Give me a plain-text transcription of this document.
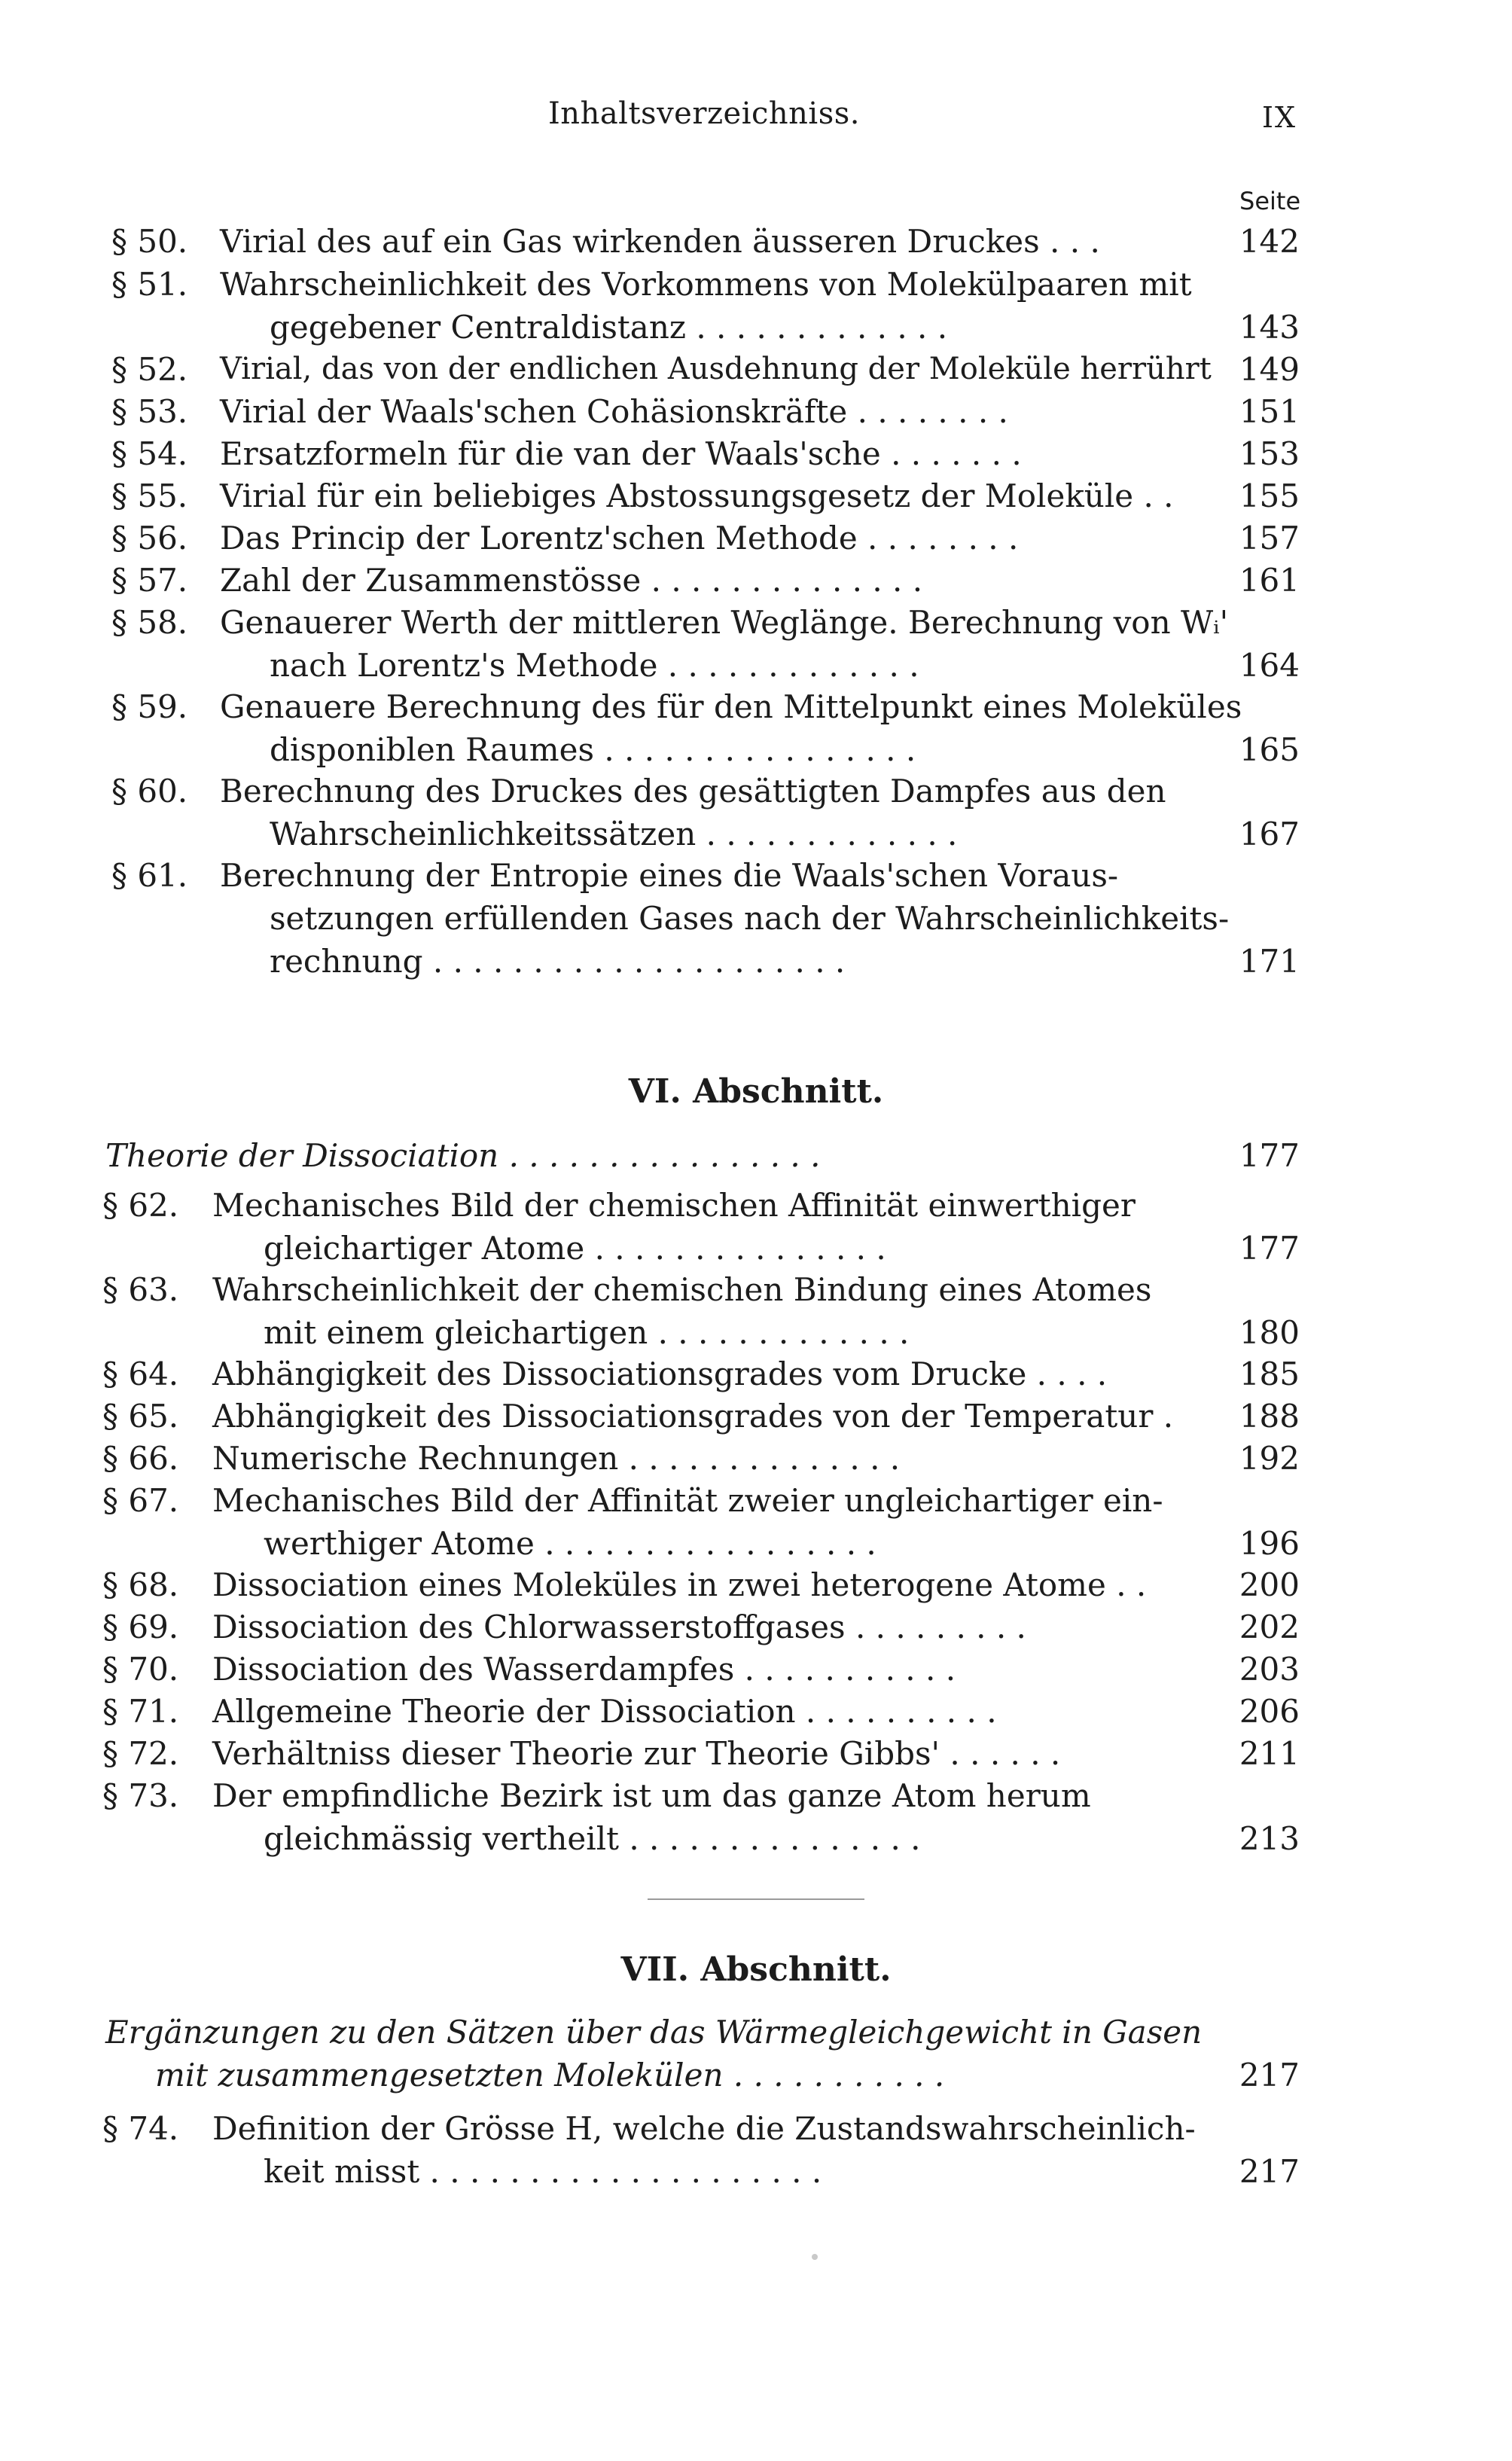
Inhaltsverzeichniss.	IX
Seite
§ 50. Virial des auf ein Gas wirkenden äusseren Druckes . . .	142
§ 51. Wahrscheinlichkeit des Vorkommens von Molekülpaaren mit
gegebener Centraldistanz . . . . . . . . . . . . .	143
§ 52. Virial, das von der endlichen Ausdehnung der Moleküle herrührt 149
§ 53. Virial der Waals'schen Cohäsionskräfte . . . . . . . .	151
§ 54. Ersatzformeln für die van der Waals'sche . . . . . . .	153
§ 55. Virial für ein beliebiges Abstossungsgesetz der Moleküle . . 155
§ 56. Das Princip der Lorentz'schen Methode . . . . . . . .	157
§ 57. Zahl der Zusammenstösse . . . . . . . . . . . . . .	161
§ 58. Genauerer Werth der mittleren Weglänge. Berechnung von Wᵢ'
nach Lorentz's Methode . . . . . . . . . . . . .	164
§ 59. Genauere Berechnung des für den Mittelpunkt eines Moleküles
disponiblen Raumes . . . . . . . . . . . . . . . .	165
§ 60. Berechnung des Druckes des gesättigten Dampfes aus den
Wahrscheinlichkeitssätzen . . . . . . . . . . . . .	167
§ 61. Berechnung der Entropie eines die Waals'schen Voraus-
setzungen erfüllenden Gases nach der Wahrscheinlichkeits-
rechnung . . . . . . . . . . . . . . . . . . . . .	171
VI. Abschnitt.
Theorie der Dissociation . . . . . . . . . . . . . . . .	177
§ 62. Mechanisches Bild der chemischen Affinität einwerthiger
gleichartiger Atome . . . . . . . . . . . . . . .	177
§ 63. Wahrscheinlichkeit der chemischen Bindung eines Atomes
mit einem gleichartigen . . . . . . . . . . . . .	180
§ 64. Abhängigkeit des Dissociationsgrades vom Drucke . . . .	185
§ 65. Abhängigkeit des Dissociationsgrades von der Temperatur . 188
§ 66. Numerische Rechnungen . . . . . . . . . . . . . .	192
§ 67. Mechanisches Bild der Affinität zweier ungleichartiger ein-
werthiger Atome . . . . . . . . . . . . . . . . .	196
§ 68. Dissociation eines Moleküles in zwei heterogene Atome . .	200
§ 69. Dissociation des Chlorwasserstoffgases . . . . . . . . .	202
§ 70. Dissociation des Wasserdampfes . . . . . . . . . . .	203
§ 71. Allgemeine Theorie der Dissociation . . . . . . . . . .	206
§ 72. Verhältniss dieser Theorie zur Theorie Gibbs' . . . . . .	211
§ 73. Der empfindliche Bezirk ist um das ganze Atom herum
gleichmässig vertheilt . . . . . . . . . . . . . . .	213
VII. Abschnitt.
Ergänzungen zu den Sätzen über das Wärmegleichgewicht in Gasen
mit zusammengesetzten Molekülen . . . . . . . . . . .	217
§ 74. Definition der Grösse H, welche die Zustandswahrscheinlich-
keit misst . . . . . . . . . . . . . . . . . . . .	217
